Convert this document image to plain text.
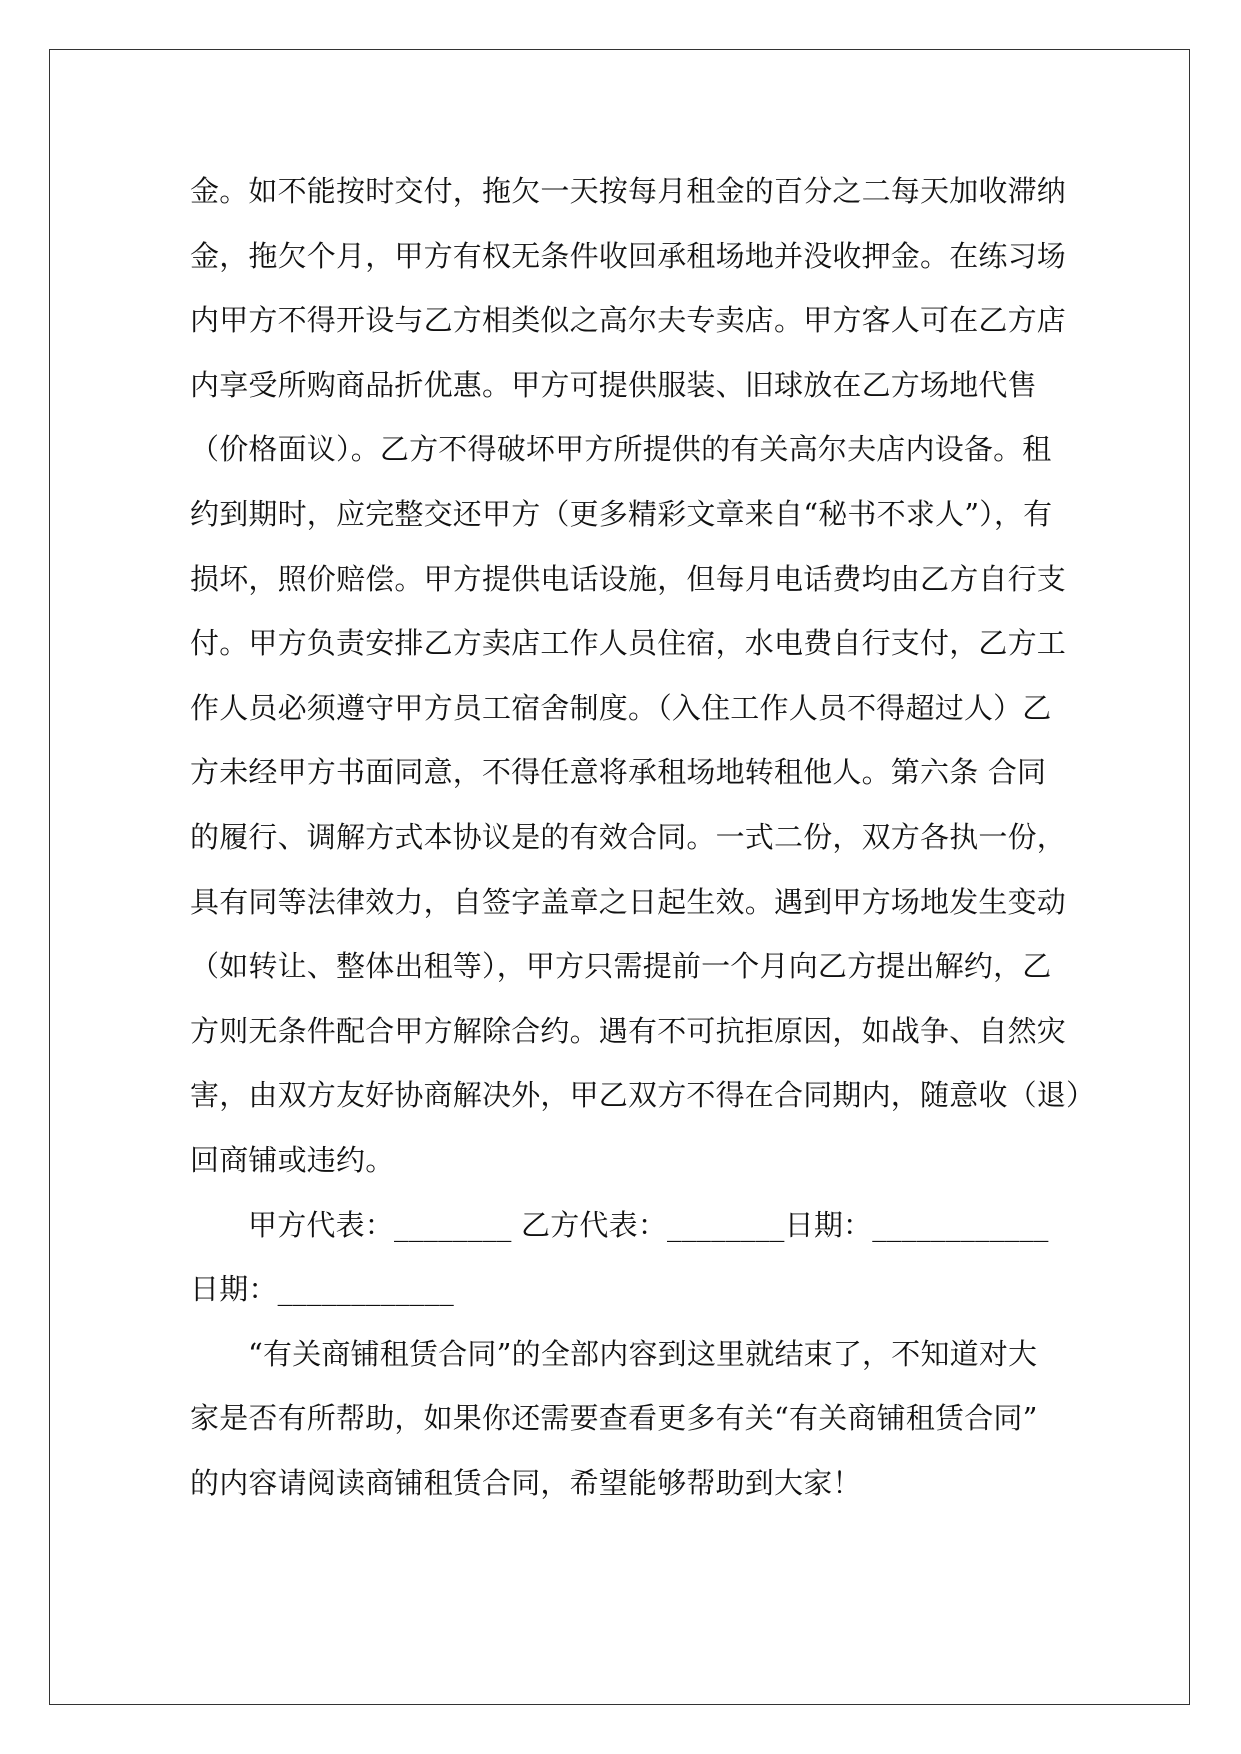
金。如不能按时交付，拖欠一天按每月租金的百分之二每天加收滞纳
金，拖欠个月，甲方有权无条件收回承租场地并没收押金。在练习场
内甲方不得开设与乙方相类似之高尔夫专卖店。甲方客人可在乙方店
内享受所购商品折优惠。甲方可提供服装、旧球放在乙方场地代售
（价格面议）。乙方不得破坏甲方所提供的有关高尔夫店内设备。租
约到期时，应完整交还甲方（更多精彩文章来自“秘书不求人”），有
损坏，照价赔偿。甲方提供电话设施，但每月电话费均由乙方自行支
付。甲方负责安排乙方卖店工作人员住宿，水电费自行支付，乙方工
作人员必须遵守甲方员工宿舍制度。（入住工作人员不得超过人）乙
方未经甲方书面同意，不得任意将承租场地转租他人。第六条 合同
的履行、调解方式本协议是的有效合同。一式二份，双方各执一份，
具有同等法律效力，自签字盖章之日起生效。遇到甲方场地发生变动
（如转让、整体出租等），甲方只需提前一个月向乙方提出解约，乙
方则无条件配合甲方解除合约。遇有不可抗拒原因，如战争、自然灾
害，由双方友好协商解决外，甲乙双方不得在合同期内，随意收（退）
回商铺或违约。
甲方代表：________ 乙方代表：________日期：____________
日期：____________
“有关商铺租赁合同”的全部内容到这里就结束了，不知道对大
家是否有所帮助，如果你还需要查看更多有关“有关商铺租赁合同”
的内容请阅读商铺租赁合同，希望能够帮助到大家！
